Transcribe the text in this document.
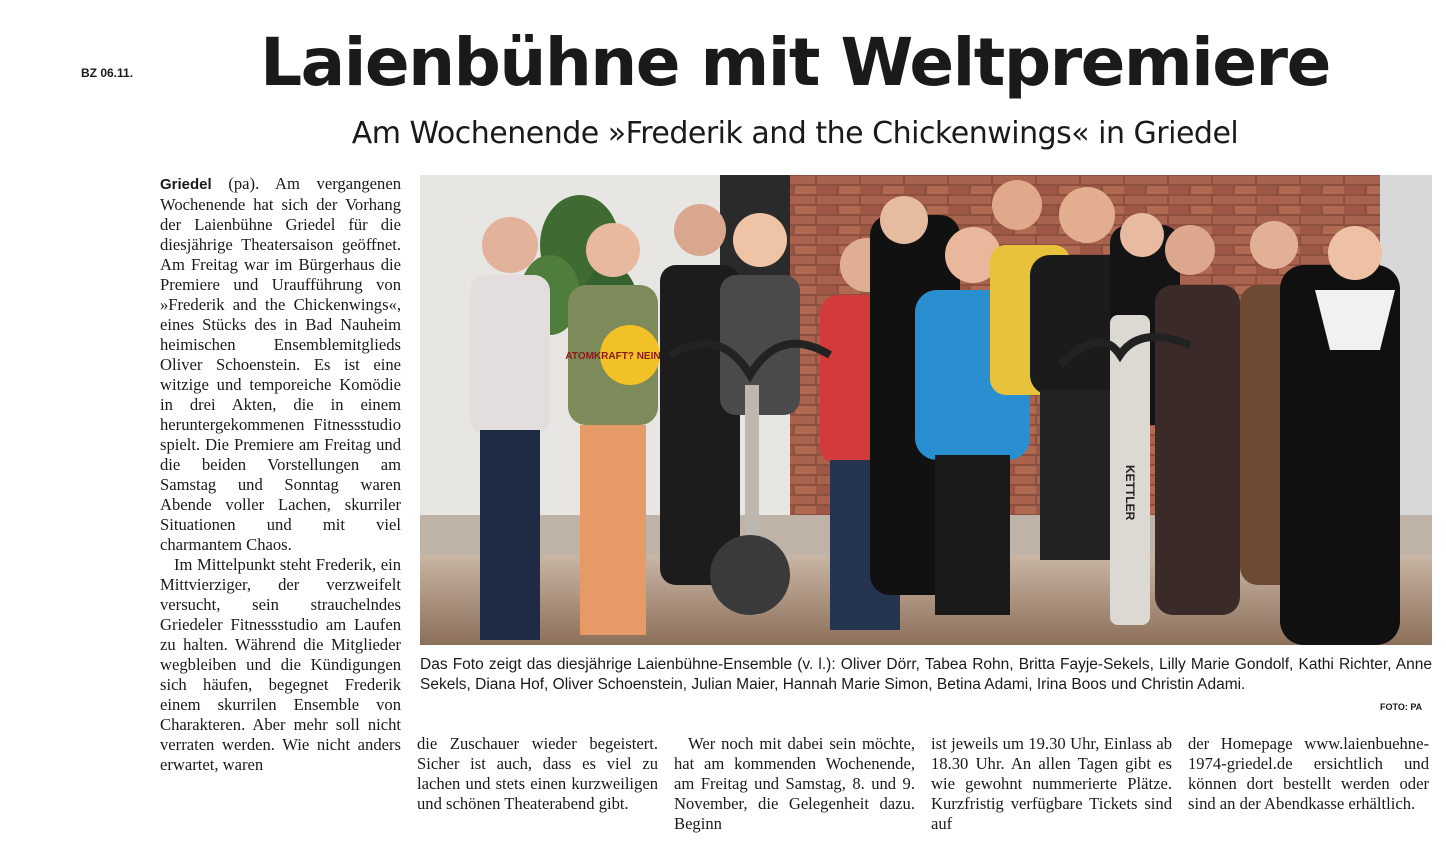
BZ 06.11.	Laienbühne mit Weltpremiere
Am Wochenende »Frederik and the Chickenwings« in Griedel

Griedel (pa). Am vergangenen Wochenende hat sich der Vorhang der Laienbühne Griedel für die diesjährige Theatersaison geöffnet. Am Freitag war im Bürgerhaus die Premiere und Uraufführung von »Frederik and the Chickenwings«, eines Stücks des in Bad Nauheim heimischen Ensemblemitglieds Oliver Schoenstein. Es ist eine witzige und temporeiche Komödie in drei Akten, die in einem heruntergekommenen Fitnessstudio spielt. Die Premiere am Freitag und die beiden Vorstellungen am Samstag und Sonntag waren Abende voller Lachen, skurriler Situationen und mit viel charmantem Chaos.

Im Mittelpunkt steht Frederik, ein Mittvierziger, der verzweifelt versucht, sein strauchelndes Griedeler Fitnessstudio am Laufen zu halten. Während die Mitglieder wegbleiben und die Kündigungen sich häufen, begegnet Frederik einem skurrilen Ensemble von Charakteren. Aber mehr soll nicht verraten werden. Wie nicht anders erwartet, waren

KETTLER
ATOMKRAFT? NEIN

Das Foto zeigt das diesjährige Laienbühne-Ensemble (v. l.): Oliver Dörr, Tabea Rohn, Britta Fayje-Sekels, Lilly Marie Gondolf, Kathi Richter, Anne Sekels, Diana Hof, Oliver Schoenstein, Julian Maier, Hannah Marie Simon, Betina Adami, Irina Boos und Christin Adami.

FOTO: PA

die Zuschauer wieder begeistert. Sicher ist auch, dass es viel zu lachen und stets einen kurzweiligen und schönen Theaterabend gibt.

Wer noch mit dabei sein möchte, hat am kommenden Wochenende, am Freitag und Samstag, 8. und 9. November, die Gelegenheit dazu. Beginn

ist jeweils um 19.30 Uhr, Einlass ab 18.30 Uhr. An allen Tagen gibt es wie gewohnt nummerierte Plätze. Kurzfristig verfügbare Tickets sind auf

der Homepage www.laienbuehne-1974-griedel.de ersichtlich und können dort bestellt werden oder sind an der Abendkasse erhältlich.
